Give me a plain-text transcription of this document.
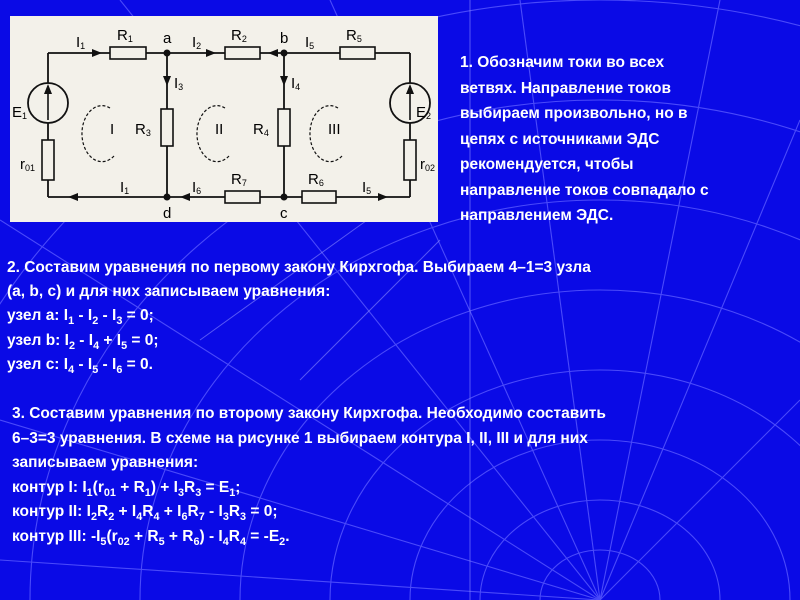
I1
R1 a I2
R2 b I5
R5
I3	I4
E1	E2
R3	R4
I	II	III
r01	r02
I1	I6
R7	R6	I5
d	c

1. Обозначим токи во всех

ветвях. Направление токов

выбираем произвольно, но в

цепях с источниками ЭДС

рекомендуется, чтобы

направление токов совпадало с

направлением ЭДС.

2. Составим уравнения по первому закону Кирхгофа. Выбираем 4–1=3 узла

(a, b, c) и для них записываем уравнения:

узел а: $I_1 - I_2 - I_3 = 0$;

узел b: $I_2 - I_4 + I_5 = 0$;

узел с: $I_4 - I_5 - I_6 = 0$.

3. Составим уравнения по второму закону Кирхгофа. Необходимо составить

6–3=3 уравнения. В схеме на рисунке 1 выбираем контура I, II, III и для них

записываем уравнения:

контур I: $I_1(r_{01} + R_1) + I_3R_3 = E_1$;

контур II: $I_2R_2 + I_4R_4 + I_6R_7 - I_3R_3 = 0$;

контур III: $-I_5(r_{02} + R_5 + R_6) - I_4R_4 = -E_2$.
